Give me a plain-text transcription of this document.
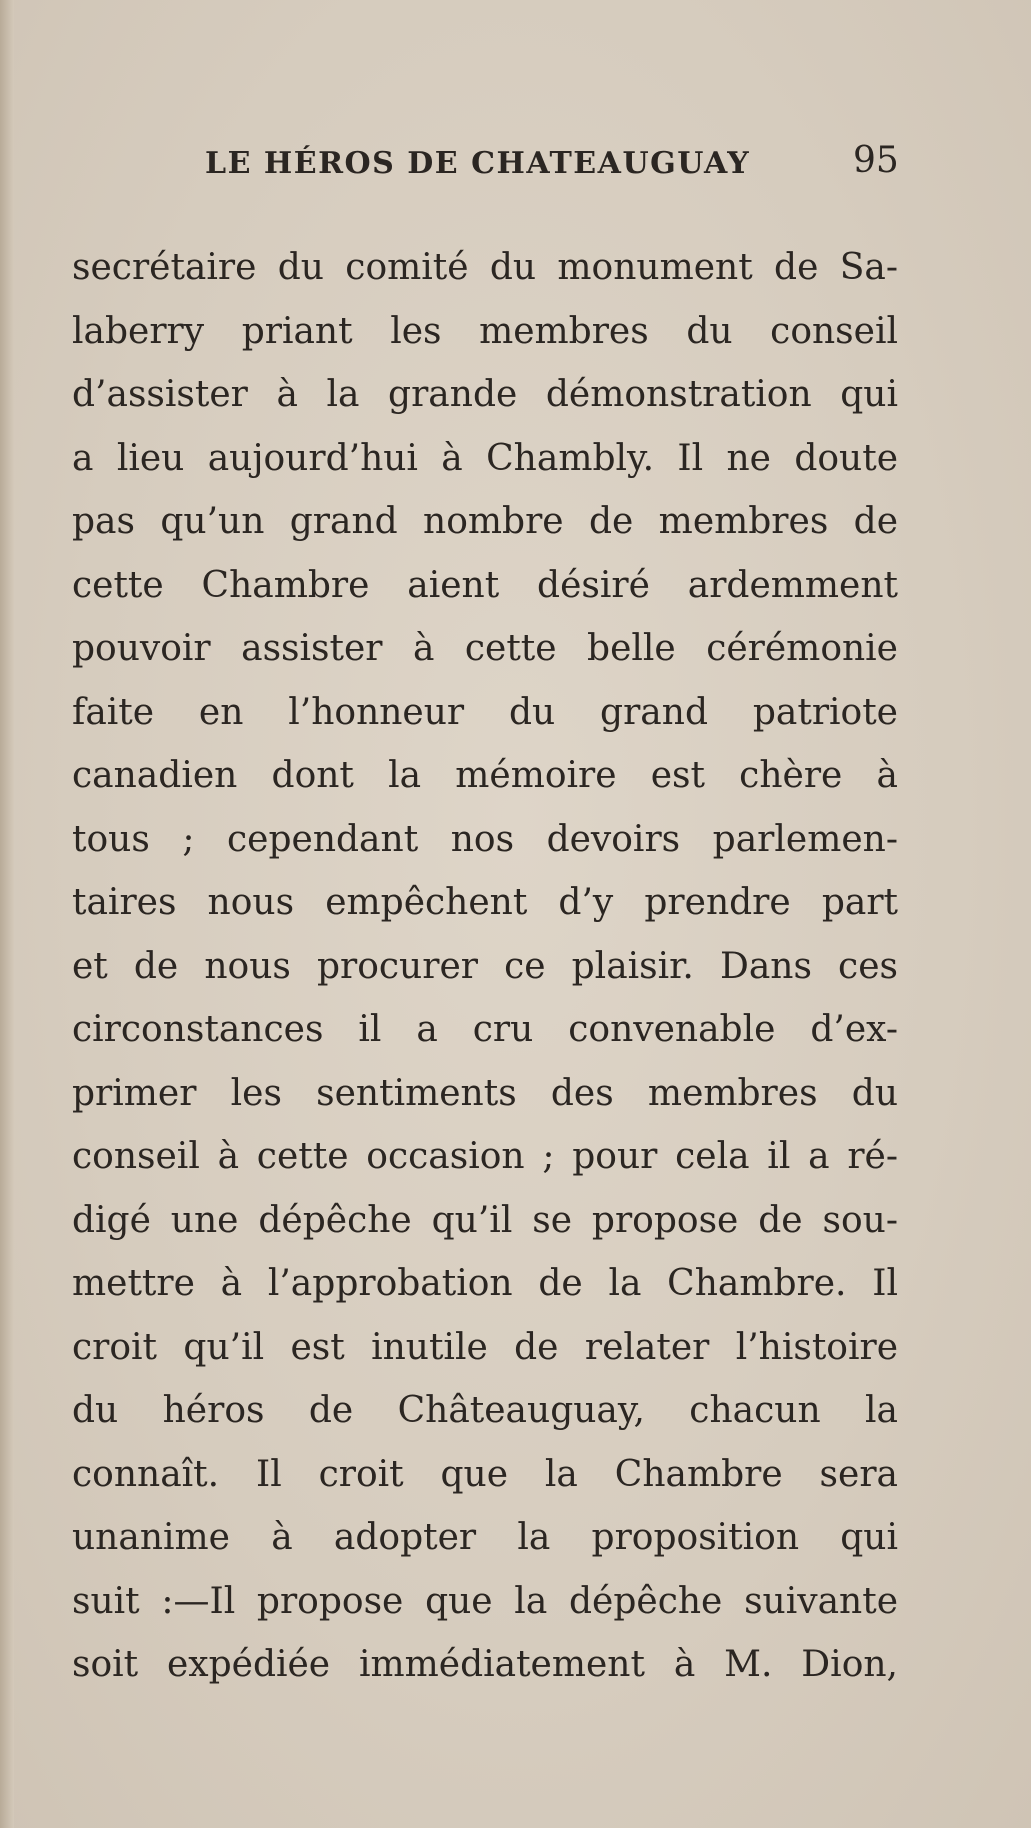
LE HÉROS DE CHATEAUGUAY	95
secrétaire du comité du monument de Sa-
laberry priant les membres du conseil
d’assister à la grande démonstration qui
a lieu aujourd’hui à Chambly. Il ne doute
pas qu’un grand nombre de membres de
cette Chambre aient désiré ardemment
pouvoir assister à cette belle cérémonie
faite en l’honneur du grand patriote
canadien dont la mémoire est chère à
tous ; cependant nos devoirs parlemen-
taires nous empêchent d’y prendre part
et de nous procurer ce plaisir. Dans ces
circonstances il a cru convenable d’ex-
primer les sentiments des membres du
conseil à cette occasion ; pour cela il a ré-
digé une dépêche qu’il se propose de sou-
mettre à l’approbation de la Chambre. Il
croit qu’il est inutile de relater l’histoire
du héros de Châteauguay, chacun la
connaît. Il croit que la Chambre sera
unanime à adopter la proposition qui
suit :—Il propose que la dépêche suivante
soit expédiée immédiatement à M. Dion,
